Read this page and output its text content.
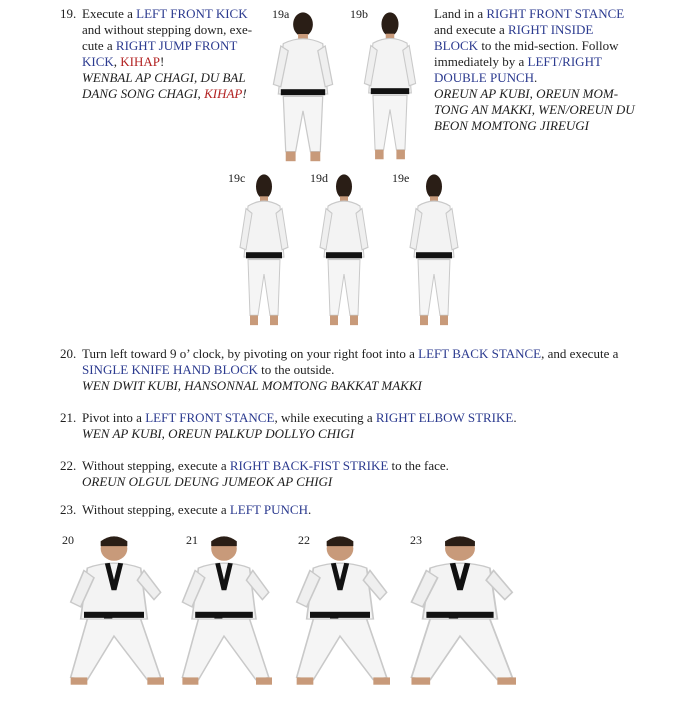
19. Execute a LEFT FRONT KICK
and without stepping down, exe-
cute a RIGHT JUMP FRONT
KICK, KIHAP!
WENBAL AP CHAGI, DU BAL
DANG SONG CHAGI, KIHAP!
19a	19b	Land in a RIGHT FRONT STANCE
and execute a RIGHT INSIDE
BLOCK to the mid-section. Follow
immediately by a LEFT/RIGHT
DOUBLE PUNCH.
OREUN AP KUBI, OREUN MOM-
TONG AN MAKKI, WEN/OREUN DU
BEON MOMTONG JIREUGI
19c	19d	19e
20. Turn left toward 9 o’ clock, by pivoting on your right foot into a LEFT BACK STANCE, and execute a
SINGLE KNIFE HAND BLOCK to the outside.
WEN DWIT KUBI, HANSONNAL MOMTONG BAKKAT MAKKI
21. Pivot into a LEFT FRONT STANCE, while executing a RIGHT ELBOW STRIKE.
WEN AP KUBI, OREUN PALKUP DOLLYO CHIGI
22. Without stepping, execute a RIGHT BACK-FIST STRIKE to the face.
OREUN OLGUL DEUNG JUMEOK AP CHIGI
23. Without stepping, execute a LEFT PUNCH.
20	21	22	23
